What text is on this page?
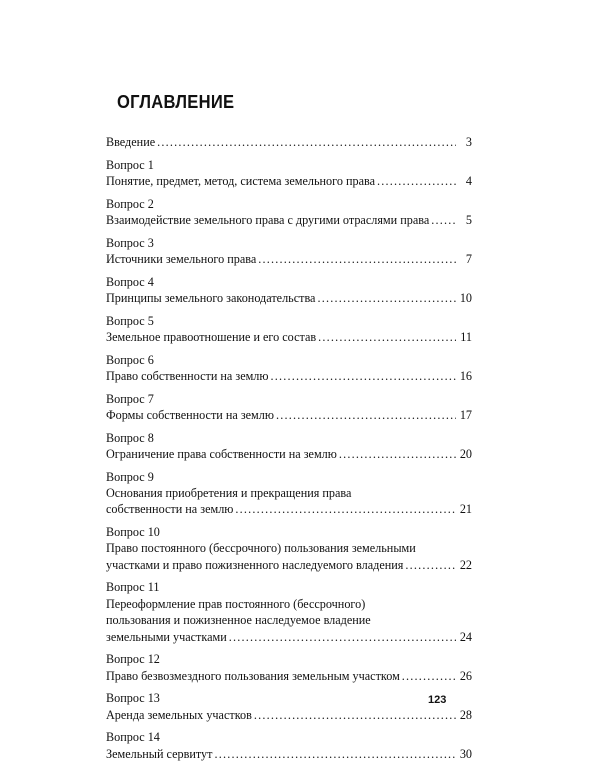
ОГЛАВЛЕНИЕ
Введение .....	3
Вопрос 1
Понятие, предмет, метод, система земельного права .....	4
Вопрос 2
Взаимодействие земельного права с другими отраслями права .....	5
Вопрос 3
Источники земельного права .....	7
Вопрос 4
Принципы земельного законодательства .....	10
Вопрос 5
Земельное правоотношение и его состав .....	11
Вопрос 6
Право собственности на землю .....	16
Вопрос 7
Формы собственности на землю .....	17
Вопрос 8
Ограничение права собственности на землю .....	20
Вопрос 9
Основания приобретения и прекращения права
собственности на землю .....	21
Вопрос 10
Право постоянного (бессрочного) пользования земельными
участками и право пожизненного наследуемого владения .....	22
Вопрос 11
Переоформление прав постоянного (бессрочного)
пользования и пожизненное наследуемое владение
земельными участками .....	24
Вопрос 12
Право безвозмездного пользования земельным участком .....	26
Вопрос 13
Аренда земельных участков .....	28
Вопрос 14
Земельный сервитут .....	30
123
